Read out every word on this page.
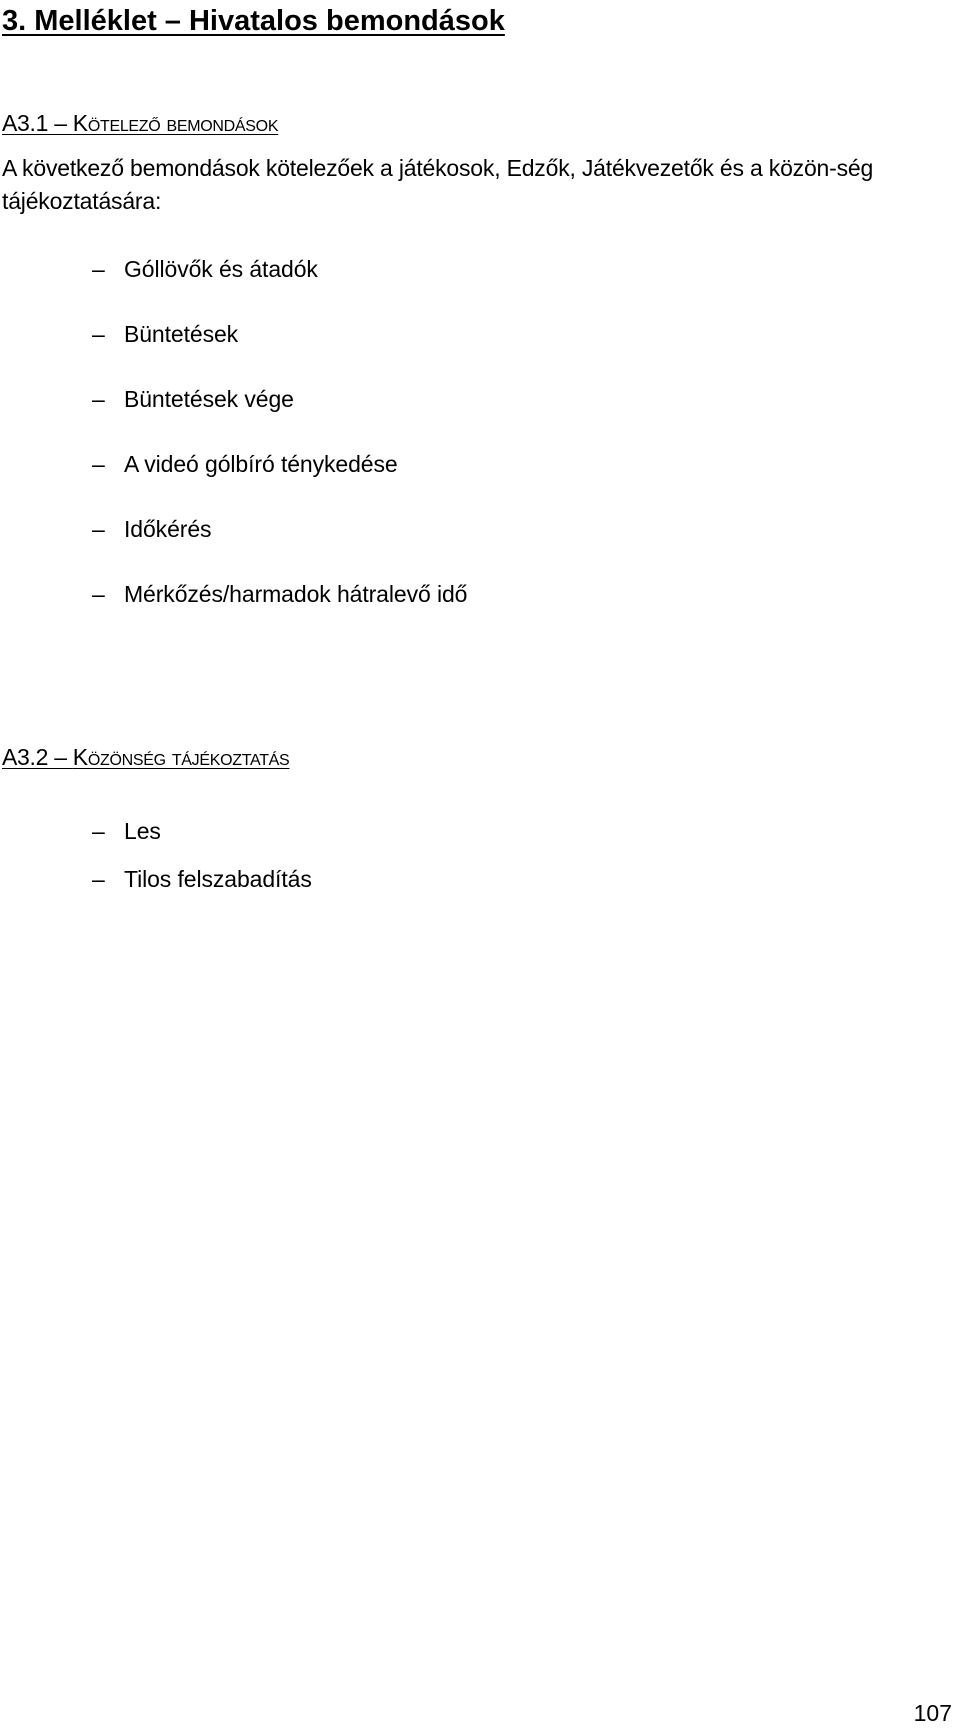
3. Melléklet – Hivatalos bemondások
A3.1 – Kötelező bemondások

A következő bemondások kötelezőek a játékosok, Edzők, Játékvezetők és a közön-ség tájékoztatására:

– Góllövők és átadók
– Büntetések
– Büntetések vége
– A videó gólbíró ténykedése
– Időkérés
– Mérkőzés/harmadok hátralevő idő
A3.2 – Közönség tájékoztatás
– Les
– Tilos felszabadítás
107
